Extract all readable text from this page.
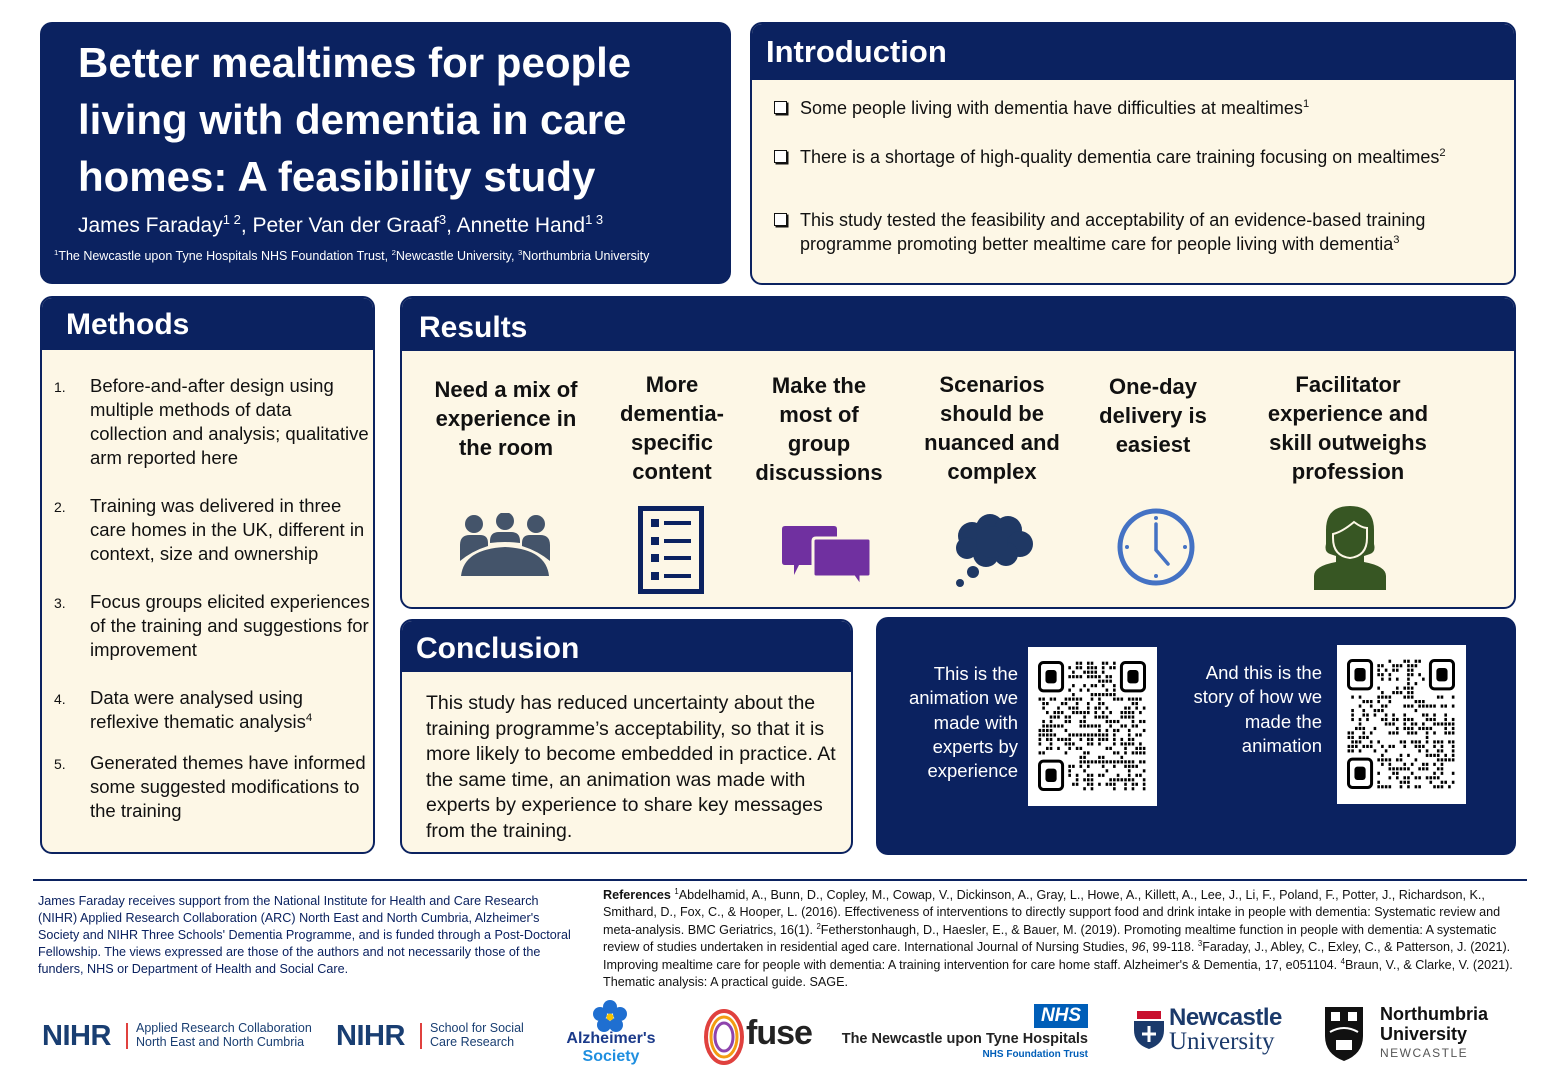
Better mealtimes for people living with dementia in care homes: A feasibility study
James Faraday$^{1 2}$, Peter Van der Graaf$^3$, Annette Hand$^{1 3}$
$^1$The Newcastle upon Tyne Hospitals NHS Foundation Trust, $^2$Newcastle University, $^3$Northumbria University
Introduction
Some people living with dementia have difficulties at mealtimes$^1$
There is a shortage of high-quality dementia care training focusing on mealtimes$^2$
This study tested the feasibility and acceptability of an evidence-based training programme promoting better mealtime care for people living with dementia$^3$
Methods
1. Before-and-after design using multiple methods of data collection and analysis; qualitative arm reported here
2. Training was delivered in three care homes in the UK, different in context, size and ownership
3. Focus groups elicited experiences of the training and suggestions for improvement
4. Data were analysed using reflexive thematic analysis$^4$
5. Generated themes have informed some suggested modifications to the training
Results
Need a mix of experience in the room
More dementia-specific content
Make the most of group discussions
Scenarios should be nuanced and complex
One-day delivery is easiest
Facilitator experience and skill outweighs profession
Conclusion
This study has reduced uncertainty about the training programme’s acceptability, so that it is more likely to become embedded in practice. At the same time, an animation was made with experts by experience to share key messages from the training.
This is the animation we made with experts by experience
And this is the story of how we made the animation
James Faraday receives support from the National Institute for Health and Care Research (NIHR) Applied Research Collaboration (ARC) North East and North Cumbria, Alzheimer's Society and NIHR Three Schools' Dementia Programme, and is funded through a Post-Doctoral Fellowship. The views expressed are those of the authors and not necessarily those of the funders, NHS or Department of Health and Social Care.
References $^1$Abdelhamid, A., Bunn, D., Copley, M., Cowap, V., Dickinson, A., Gray, L., Howe, A., Killett, A., Lee, J., Li, F., Poland, F., Potter, J., Richardson, K., Smithard, D., Fox, C., & Hooper, L. (2016). Effectiveness of interventions to directly support food and drink intake in people with dementia: Systematic review and meta-analysis. BMC Geriatrics, 16(1). $^2$Fetherstonhaugh, D., Haesler, E., & Bauer, M. (2019). Promoting mealtime function in people with dementia: A systematic review of studies undertaken in residential aged care. International Journal of Nursing Studies, 96, 99-118. $^3$Faraday, J., Abley, C., Exley, C., & Patterson, J. (2021). Improving mealtime care for people with dementia: A training intervention for care home staff. Alzheimer's & Dementia, 17, e051104. $^4$Braun, V., & Clarke, V. (2021). Thematic analysis: A practical guide. SAGE.
NIHR Applied Research Collaboration
North East and North Cumbria NIHR School for Social
Care Research	Alzheimer's
Society
fuse	NHS
The Newcastle upon Tyne Hospitals
NHS Foundation Trust
Newcastle
University
Northumbria
University
NEWCASTLE
